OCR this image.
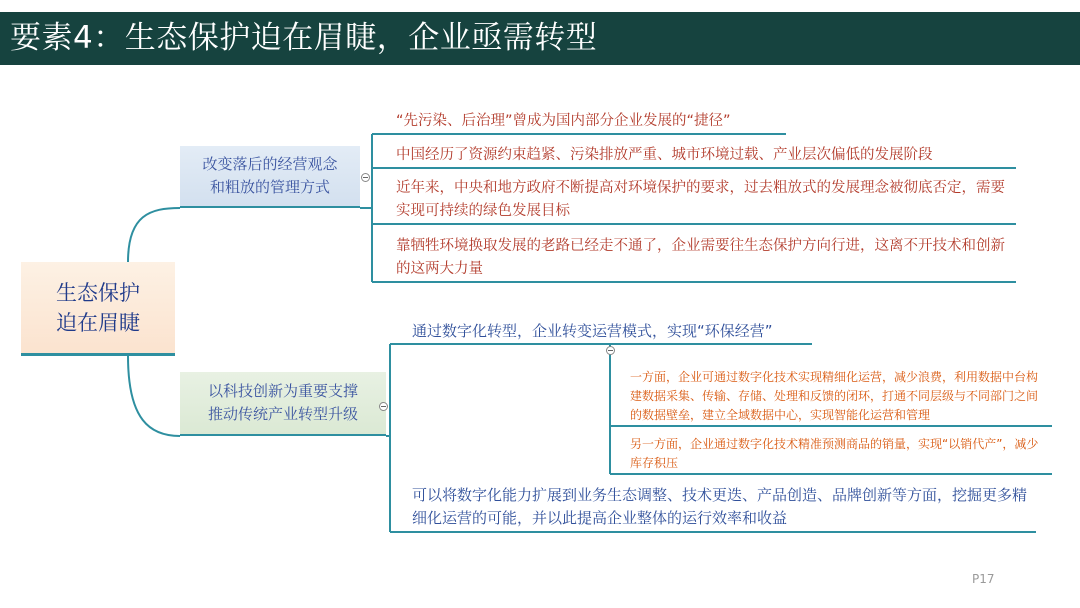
要素4：生态保护迫在眉睫，企业亟需转型
生态保护
迫在眉睫
改变落后的经营观念
和粗放的管理方式
“先污染、后治理”曾成为国内部分企业发展的“捷径”
中国经历了资源约束趋紧、污染排放严重、城市环境过载、产业层次偏低的发展阶段
近年来，中央和地方政府不断提高对环境保护的要求，过去粗放式的发展理念被彻底否定，需要实现可持续的绿色发展目标
靠牺牲环境换取发展的老路已经走不通了，企业需要往生态保护方向行进，这离不开技术和创新的这两大力量
以科技创新为重要支撑
推动传统产业转型升级
通过数字化转型，企业转变运营模式，实现“环保经营”
一方面，企业可通过数字化技术实现精细化运营，减少浪费，利用数据中台构建数据采集、传输、存储、处理和反馈的闭环，打通不同层级与不同部门之间的数据壁垒，建立全域数据中心，实现智能化运营和管理
另一方面，企业通过数字化技术精准预测商品的销量，实现“以销代产”，减少库存积压
可以将数字化能力扩展到业务生态调整、技术更迭、产品创造、品牌创新等方面，挖掘更多精细化运营的可能，并以此提高企业整体的运行效率和收益
P17
